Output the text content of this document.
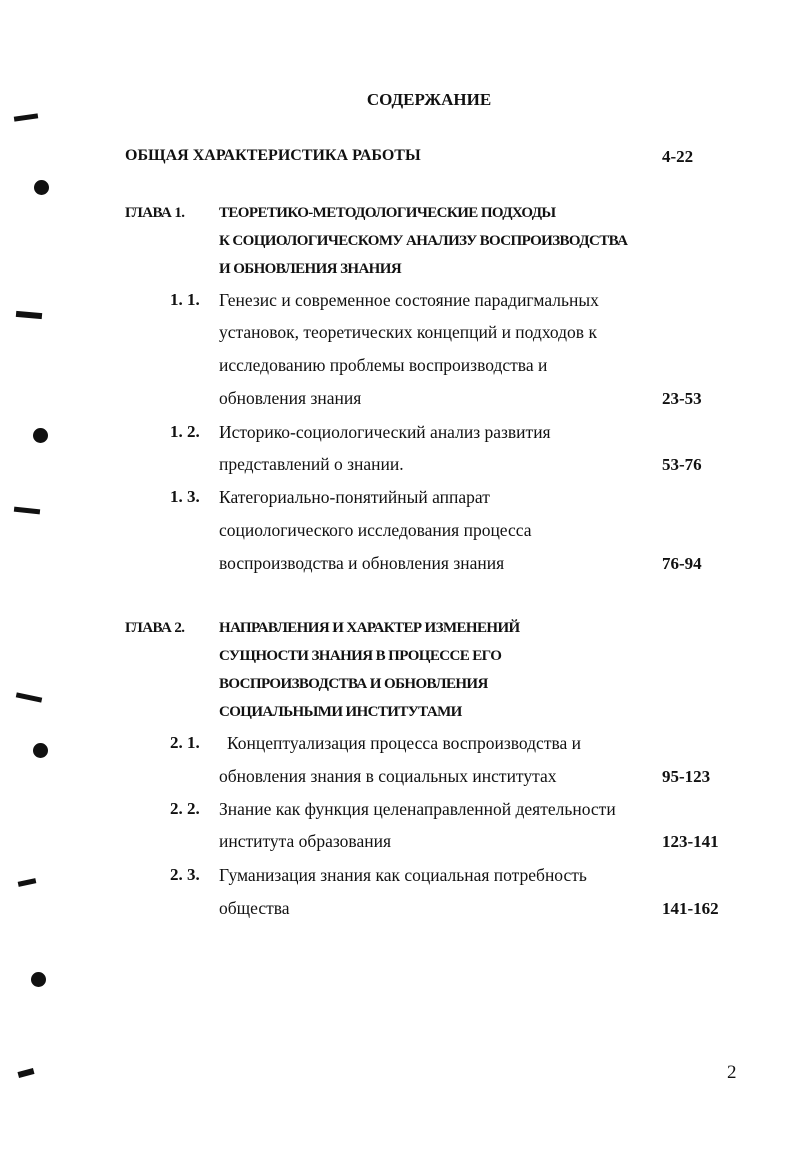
СОДЕРЖАНИЕ
ОБЩАЯ ХАРАКТЕРИСТИКА РАБОТЫ	4-22
ГЛАВА 1. ТЕОРЕТИКО-МЕТОДОЛОГИЧЕСКИЕ ПОДХОДЫ
К СОЦИОЛОГИЧЕСКОМУ АНАЛИЗУ ВОСПРОИЗВОДСТВА
И ОБНОВЛЕНИЯ ЗНАНИЯ
1. 1. Генезис и современное состояние парадигмальных
установок, теоретических концепций и подходов к
исследованию проблемы воспроизводства и
обновления знания	23-53
1. 2. Историко-социологический анализ развития
представлений о знании.	53-76
1. 3. Категориально-понятийный аппарат
социологического исследования процесса
воспроизводства и обновления знания	76-94
ГЛАВА 2. НАПРАВЛЕНИЯ И ХАРАКТЕР ИЗМЕНЕНИЙ
СУЩНОСТИ ЗНАНИЯ В ПРОЦЕССЕ ЕГО
ВОСПРОИЗВОДСТВА И ОБНОВЛЕНИЯ
СОЦИАЛЬНЫМИ ИНСТИТУТАМИ
2. 1. Концептуализация процесса воспроизводства и
обновления знания в социальных институтах	95-123
2. 2. Знание как функция целенаправленной деятельности
института образования	123-141
2. 3. Гуманизация знания как социальная потребность
общества	141-162
2
